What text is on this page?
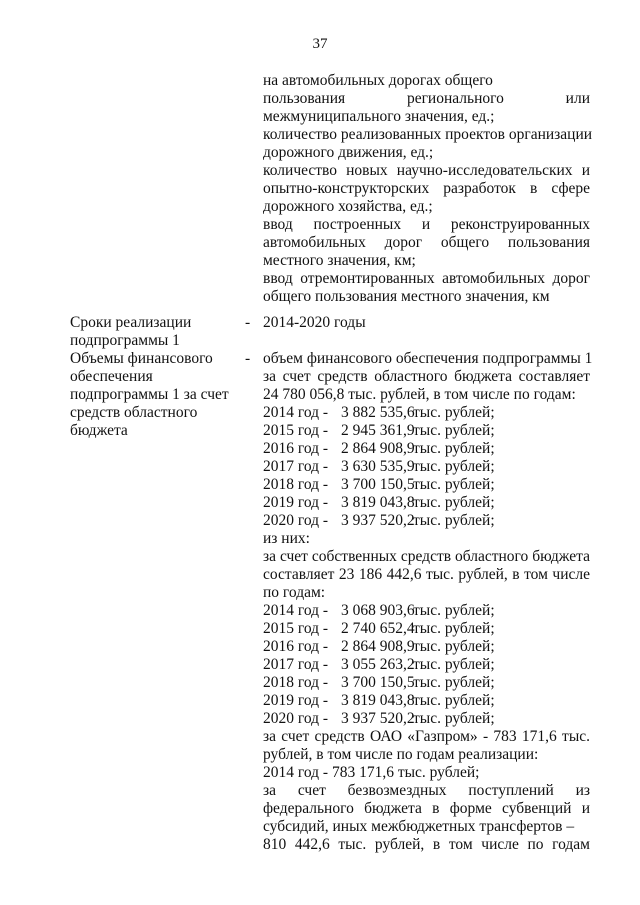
37
на автомобильных дорогах общего
пользования регионального или
межмуниципального значения, ед.;
количество реализованных проектов организации
дорожного движения, ед.;
количество новых научно-исследовательских и
опытно-конструкторских разработок в сфере
дорожного хозяйства, ед.;
ввод построенных и реконструированных
автомобильных дорог общего пользования
местного значения, км;
ввод отремонтированных автомобильных дорог
общего пользования местного значения, км
Сроки реализации
подпрограммы 1
- 2014-2020 годы
Объемы финансового
обеспечения
подпрограммы 1 за счет
средств областного
бюджета
- объем финансового обеспечения подпрограммы 1
за счет средств областного бюджета составляет
24 780 056,8 тыс. рублей, в том числе по годам:
2014 год - 3 882 535,6тыс. рублей;
2015 год - 2 945 361,9тыс. рублей;
2016 год - 2 864 908,9тыс. рублей;
2017 год - 3 630 535,9тыс. рублей;
2018 год - 3 700 150,5тыс. рублей;
2019 год - 3 819 043,8тыс. рублей;
2020 год - 3 937 520,2тыс. рублей;
из них:
за счет собственных средств областного бюджета
составляет 23 186 442,6 тыс. рублей, в том числе
по годам:
2014 год - 3 068 903,6тыс. рублей;
2015 год - 2 740 652,4тыс. рублей;
2016 год - 2 864 908,9тыс. рублей;
2017 год - 3 055 263,2тыс. рублей;
2018 год - 3 700 150,5тыс. рублей;
2019 год - 3 819 043,8тыс. рублей;
2020 год - 3 937 520,2тыс. рублей;
за счет средств ОАО «Газпром» - 783 171,6 тыс.
рублей, в том числе по годам реализации:
2014 год - 783 171,6 тыс. рублей;
за счет безвозмездных поступлений из
федерального бюджета в форме субвенций и
субсидий, иных межбюджетных трансфертов –
810 442,6 тыс. рублей, в том числе по годам
